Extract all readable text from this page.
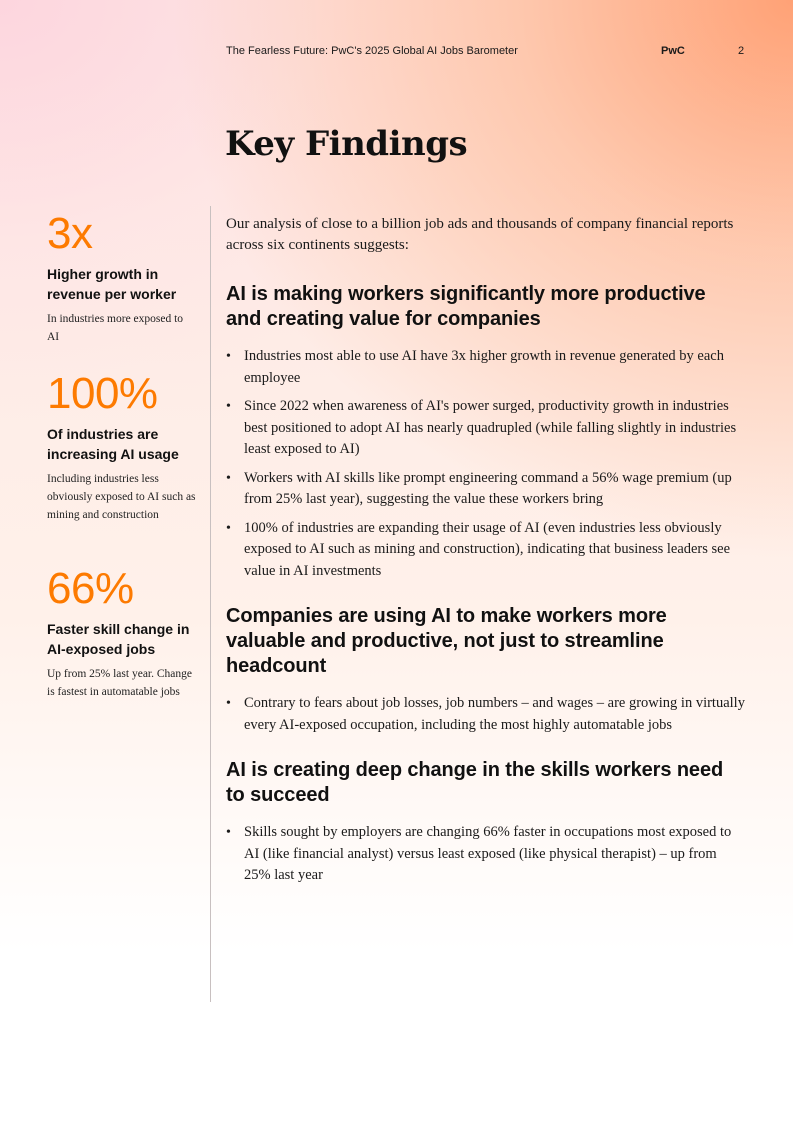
The Fearless Future: PwC's 2025 Global AI Jobs Barometer	PwC	2
Key Findings
3x
Higher growth in revenue per worker
In industries more exposed to AI
100%
Of industries are increasing AI usage
Including industries less obviously exposed to AI such as mining and construction
66%
Faster skill change in AI-exposed jobs
Up from 25% last year. Change is fastest in automatable jobs

Our analysis of close to a billion job ads and thousands of company financial reports across six continents suggests:

AI is making workers significantly more productive and creating value for companies
• Industries most able to use AI have 3x higher growth in revenue generated by each employee
• Since 2022 when awareness of AI's power surged, productivity growth in industries best positioned to adopt AI has nearly quadrupled (while falling slightly in industries least exposed to AI)
• Workers with AI skills like prompt engineering command a 56% wage premium (up from 25% last year), suggesting the value these workers bring
• 100% of industries are expanding their usage of AI (even industries less obviously exposed to AI such as mining and construction), indicating that business leaders see value in AI investments
Companies are using AI to make workers more valuable and productive, not just to streamline headcount
• Contrary to fears about job losses, job numbers – and wages – are growing in virtually every AI-exposed occupation, including the most highly automatable jobs
AI is creating deep change in the skills workers need to succeed
• Skills sought by employers are changing 66% faster in occupations most exposed to AI (like financial analyst) versus least exposed (like physical therapist) – up from 25% last year
